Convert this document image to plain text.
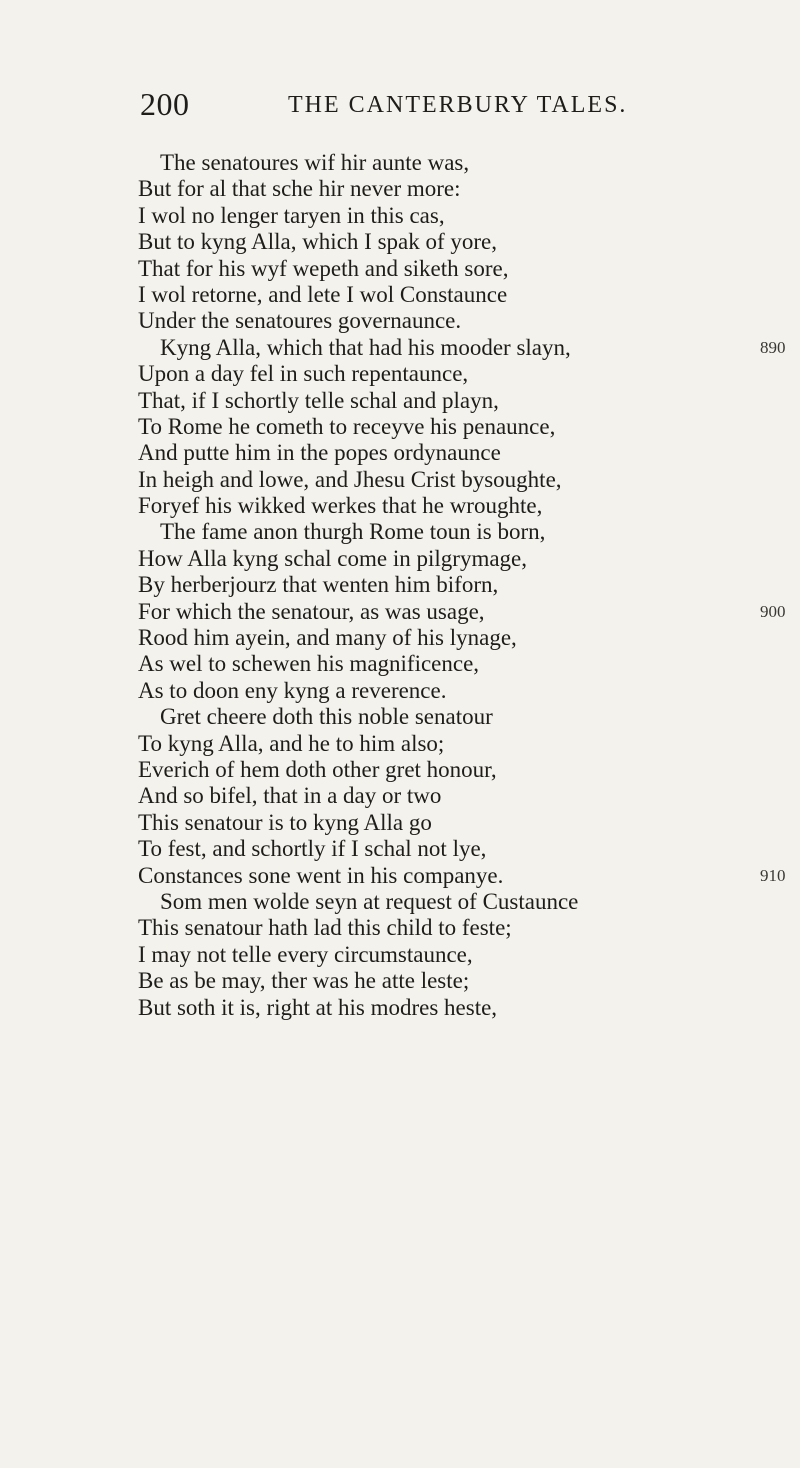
200	THE CANTERBURY TALES.
The senatoures wif hir aunte was,
But for al that sche hir never more:
I wol no lenger taryen in this cas,
But to kyng Alla, which I spak of yore,
That for his wyf wepeth and siketh sore,
I wol retorne, and lete I wol Constaunce
Under the senatoures governaunce.
Kyng Alla, which that had his mooder slayn,	890
Upon a day fel in such repentaunce,
That, if I schortly telle schal and playn,
To Rome he cometh to receyve his penaunce,
And putte him in the popes ordynaunce
In heigh and lowe, and Jhesu Crist bysoughte,
Foryef his wikked werkes that he wroughte,
The fame anon thurgh Rome toun is born,
How Alla kyng schal come in pilgrymage,
By herberjourz that wenten him biforn,
For which the senatour, as was usage,	900
Rood him ayein, and many of his lynage,
As wel to schewen his magnificence,
As to doon eny kyng a reverence.
Gret cheere doth this noble senatour
To kyng Alla, and he to him also;
Everich of hem doth other gret honour,
And so bifel, that in a day or two
This senatour is to kyng Alla go
To fest, and schortly if I schal not lye,
Constances sone went in his companye.	910
Som men wolde seyn at request of Custaunce
This senatour hath lad this child to feste;
I may not telle every circumstaunce,
Be as be may, ther was he atte leste;
But soth it is, right at his modres heste,
